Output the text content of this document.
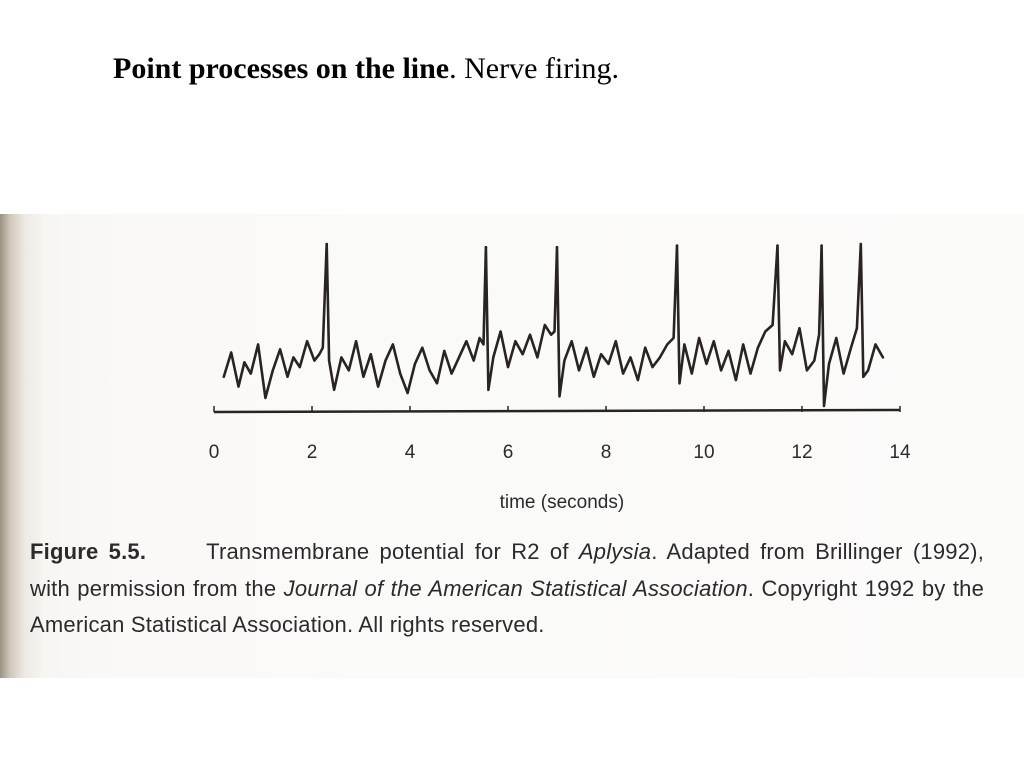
Point processes on the line. Nerve firing.
0	2	4	6	8	10	12	14
time (seconds)
Figure 5.5.	Transmembrane potential for R2 of Aplysia. Adapted from Brillinger (1992), with permission from the Journal of the American Statistical Association. Copyright 1992 by the American Statistical Association. All rights reserved.
